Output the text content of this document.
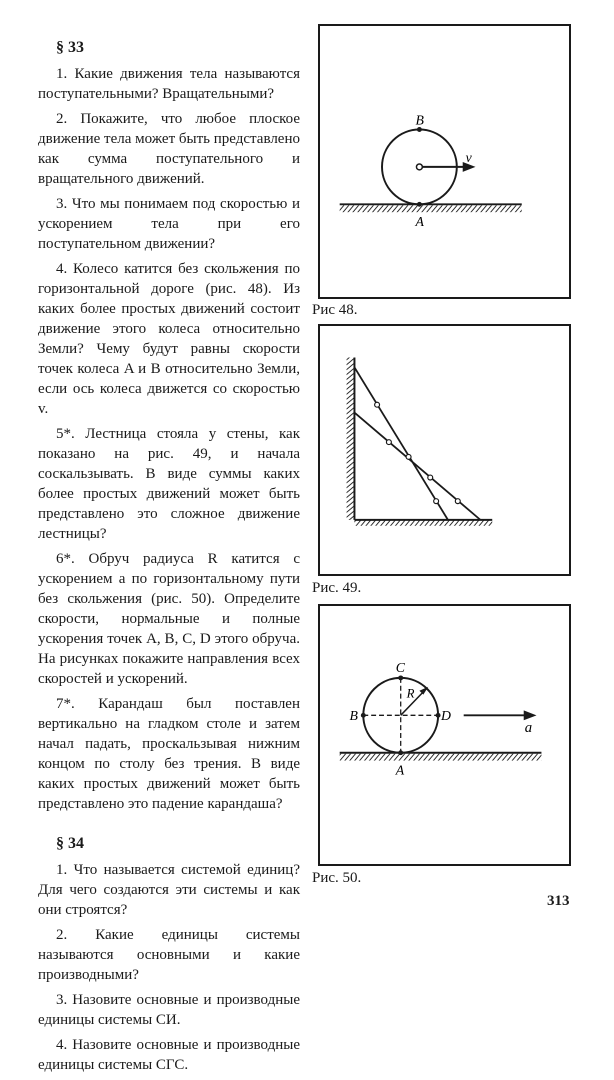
§ 33

1. Какие движения тела называются поступательными? Вращательными?

2. Покажите, что любое плоское движение тела может быть представлено как сумма поступательного и вращательного движений.

3. Что мы понимаем под скоростью и ускорением тела при его поступательном движении?

4. Колесо катится без скольжения по горизонтальной дороге (рис. 48). Из каких более простых движений состоит движение этого колеса относительно Земли? Чему будут равны скорости точек колеса A и B относительно Земли, если ось колеса движется со скоростью v.

5*. Лестница стояла у стены, как показано на рис. 49, и начала соскальзывать. В виде суммы каких более простых движений может быть представлено это сложное движение лестницы?

6*. Обруч радиуса R катится с ускорением a по горизонтальному пути без скольжения (рис. 50). Определите скорости, нормальные и полные ускорения точек A, B, C, D этого обруча. На рисунках покажите направления всех скоростей и ускорений.

7*. Карандаш был поставлен вертикально на гладком столе и затем начал падать, проскальзывая нижним концом по столу без трения. В виде каких простых движений может быть представлено это падение карандаша?

§ 34

1. Что называется системой единиц? Для чего создаются эти системы и как они строятся?

2. Какие единицы системы называются основными и какие производными?

3. Назовите основные и производные единицы системы СИ.

4. Назовите основные и производные единицы системы СГС.

B
A
v
Рис 48.
Рис. 49.
C
B	D
A
R
a
Рис. 50.
313
